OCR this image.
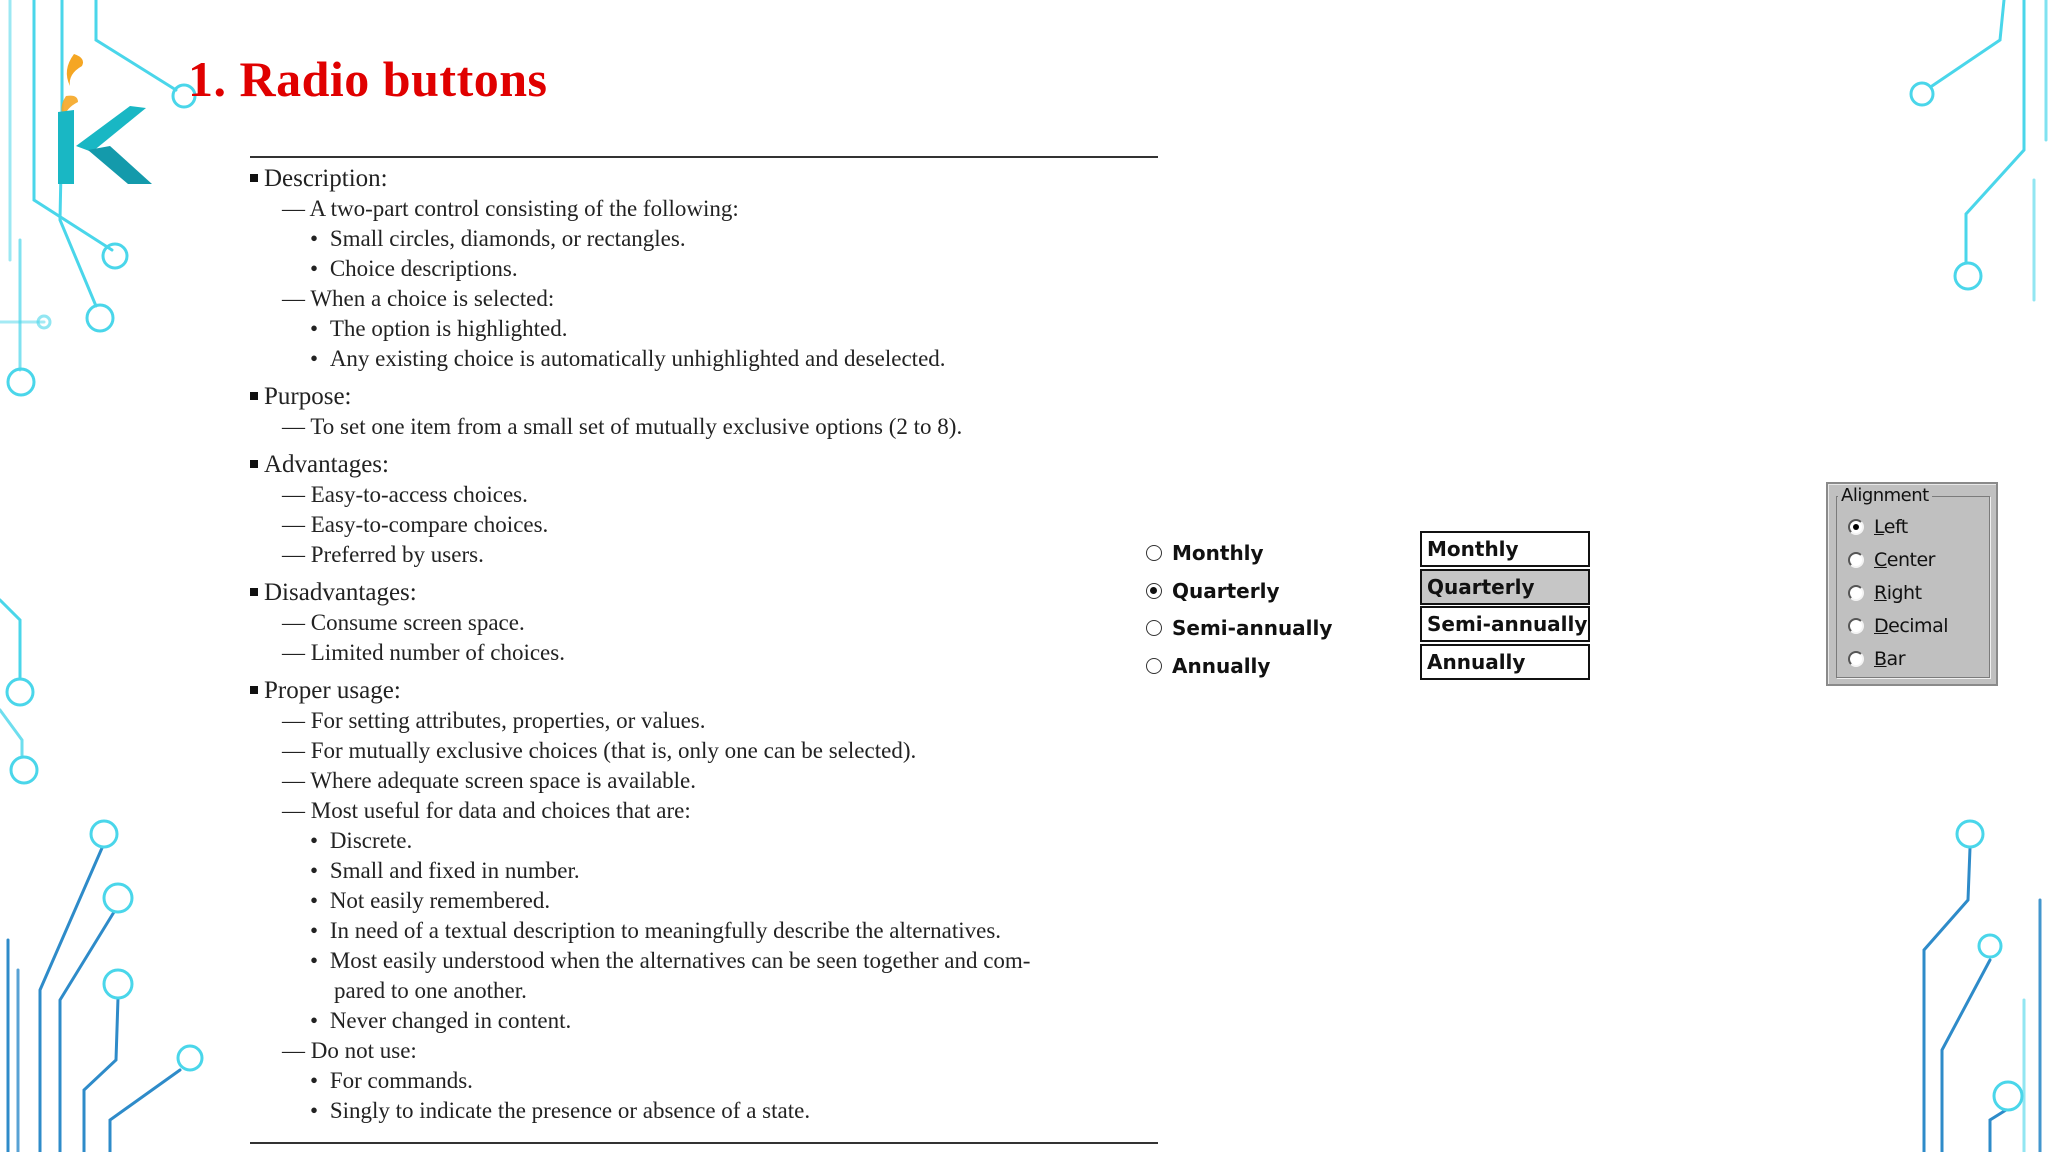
1. Radio buttons
Description:
— A two-part control consisting of the following:
• Small circles, diamonds, or rectangles.
• Choice descriptions.
— When a choice is selected:
• The option is highlighted.
• Any existing choice is automatically unhighlighted and deselected.
Purpose:
— To set one item from a small set of mutually exclusive options (2 to 8).
Advantages:
— Easy-to-access choices.
— Easy-to-compare choices.
— Preferred by users.
Disadvantages:
— Consume screen space.
— Limited number of choices.
Proper usage:
— For setting attributes, properties, or values.
— For mutually exclusive choices (that is, only one can be selected).
— Where adequate screen space is available.
— Most useful for data and choices that are:
• Discrete.
• Small and fixed in number.
• Not easily remembered.
• In need of a textual description to meaningfully describe the alternatives.
• Most easily understood when the alternatives can be seen together and com-
pared to one another.
• Never changed in content.
— Do not use:
• For commands.
• Singly to indicate the presence or absence of a state.
Monthly
Quarterly
Semi-annually
Annually
Monthly
Quarterly
Semi-annually
Annually
Alignment
Left
Center
Right
Decimal
Bar
